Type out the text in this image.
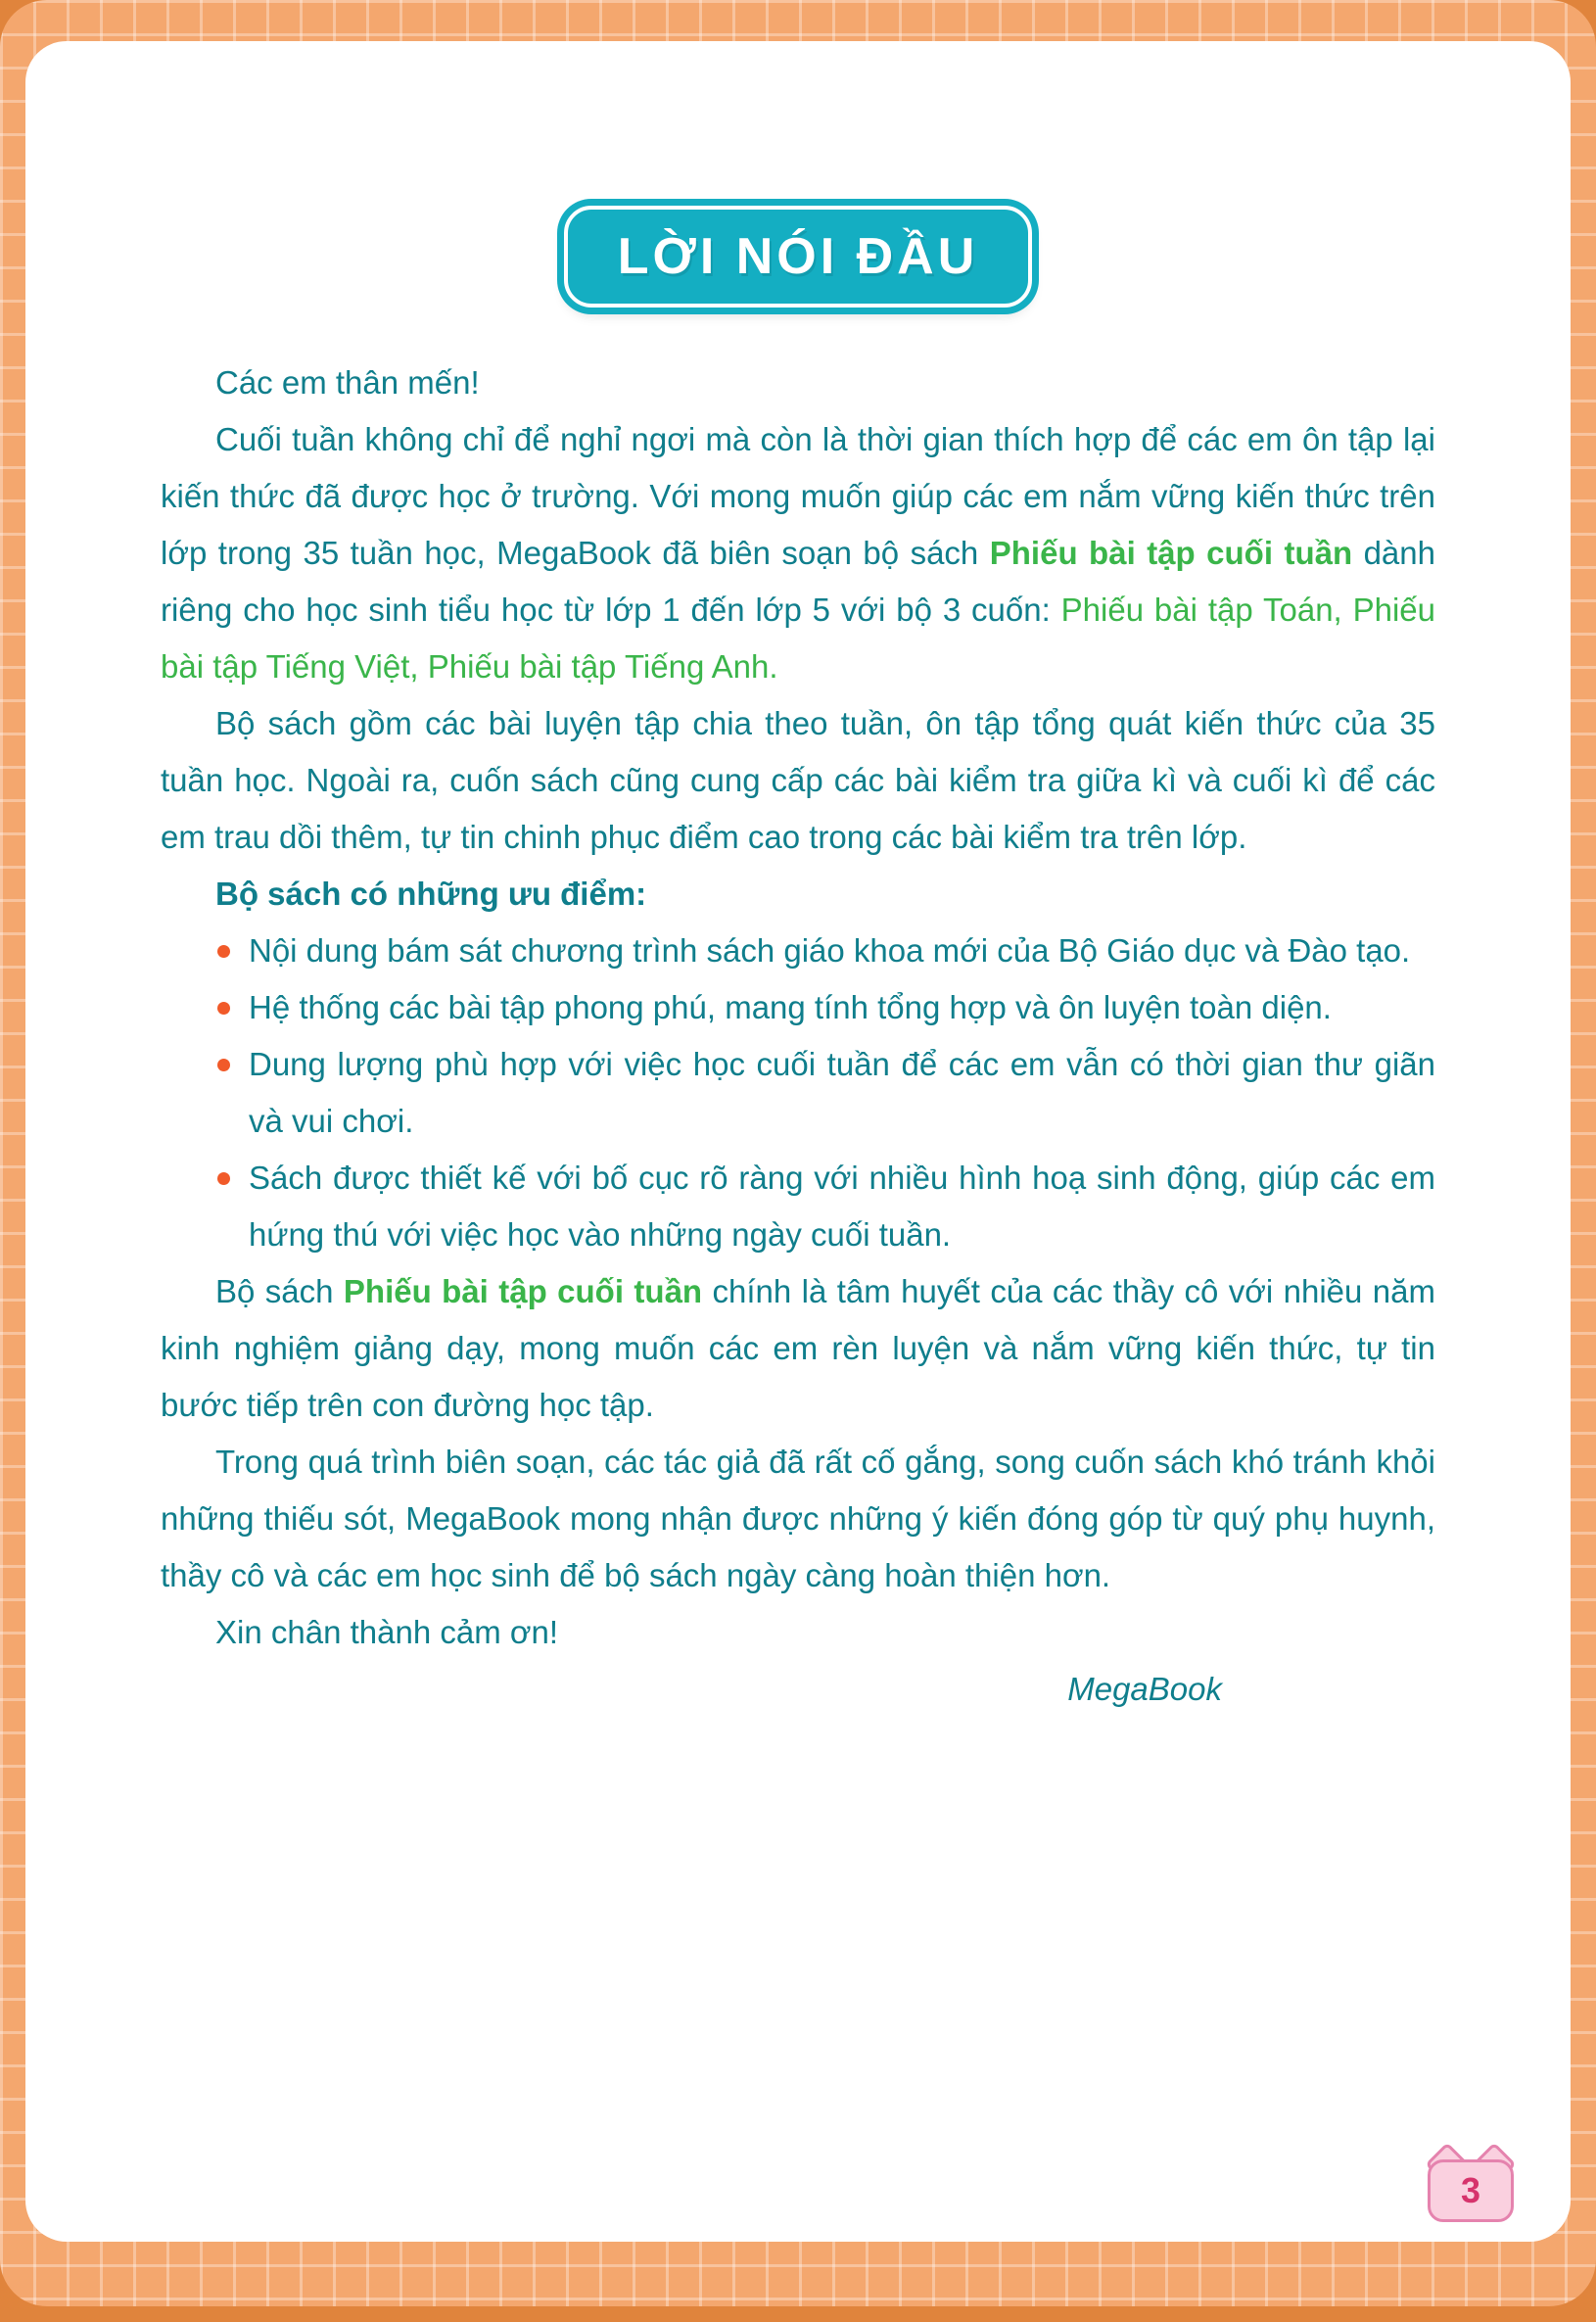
LỜI NÓI ĐẦU

Các em thân mến!

Cuối tuần không chỉ để nghỉ ngơi mà còn là thời gian thích hợp để các em ôn tập lại kiến thức đã được học ở trường. Với mong muốn giúp các em nắm vững kiến thức trên lớp trong 35 tuần học, MegaBook đã biên soạn bộ sách Phiếu bài tập cuối tuần dành riêng cho học sinh tiểu học từ lớp 1 đến lớp 5 với bộ 3 cuốn: Phiếu bài tập Toán, Phiếu bài tập Tiếng Việt, Phiếu bài tập Tiếng Anh.

Bộ sách gồm các bài luyện tập chia theo tuần, ôn tập tổng quát kiến thức của 35 tuần học. Ngoài ra, cuốn sách cũng cung cấp các bài kiểm tra giữa kì và cuối kì để các em trau dồi thêm, tự tin chinh phục điểm cao trong các bài kiểm tra trên lớp.

Bộ sách có những ưu điểm:

Nội dung bám sát chương trình sách giáo khoa mới của Bộ Giáo dục và Đào tạo.
Hệ thống các bài tập phong phú, mang tính tổng hợp và ôn luyện toàn diện.
Dung lượng phù hợp với việc học cuối tuần để các em vẫn có thời gian thư giãn và vui chơi.
Sách được thiết kế với bố cục rõ ràng với nhiều hình hoạ sinh động, giúp các em hứng thú với việc học vào những ngày cuối tuần.

Bộ sách Phiếu bài tập cuối tuần chính là tâm huyết của các thầy cô với nhiều năm kinh nghiệm giảng dạy, mong muốn các em rèn luyện và nắm vững kiến thức, tự tin bước tiếp trên con đường học tập.

Trong quá trình biên soạn, các tác giả đã rất cố gắng, song cuốn sách khó tránh khỏi những thiếu sót, MegaBook mong nhận được những ý kiến đóng góp từ quý phụ huynh, thầy cô và các em học sinh để bộ sách ngày càng hoàn thiện hơn.

Xin chân thành cảm ơn!

MegaBook

3
